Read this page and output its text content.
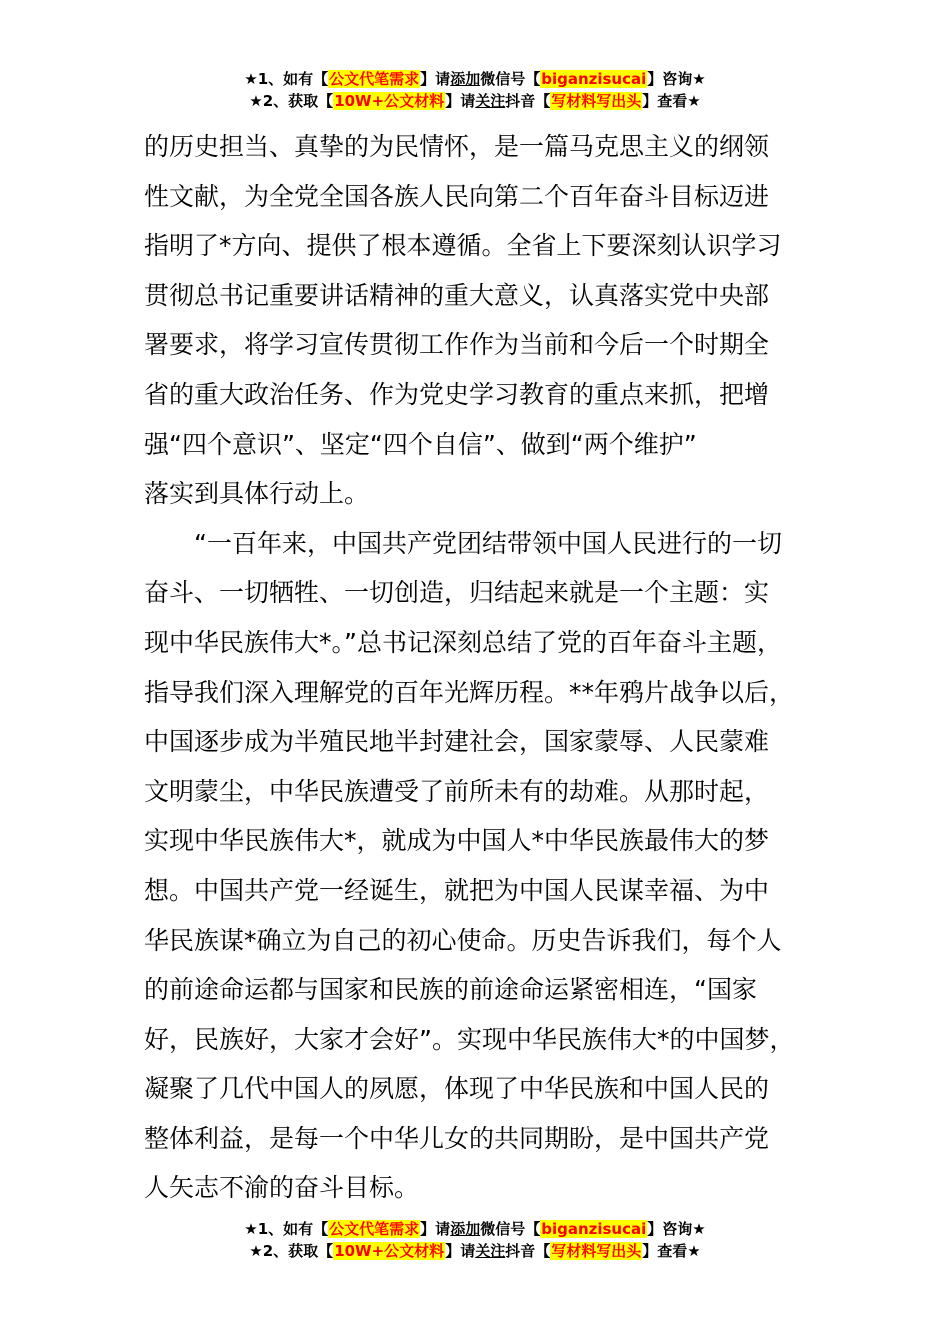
★1、如有【公文代笔需求】请添加微信号【biganzisucai】咨询★
★2、获取【10W+公文材料】请关注抖音【写材料写出头】查看★

的历史担当、真挚的为民情怀，是一篇马克思主义的纲领

性文献，为全党全国各族人民向第二个百年奋斗目标迈进

指明了*方向、提供了根本遵循。全省上下要深刻认识学习

贯彻总书记重要讲话精神的重大意义，认真落实党中央部

署要求，将学习宣传贯彻工作作为当前和今后一个时期全

省的重大政治任务、作为党史学习教育的重点来抓，把增

强“四个意识”、坚定“四个自信”、做到“两个维护”

落实到具体行动上。

“一百年来，中国共产党团结带领中国人民进行的一切

奋斗、一切牺牲、一切创造，归结起来就是一个主题：实

现中华民族伟大*。”总书记深刻总结了党的百年奋斗主题，

指导我们深入理解党的百年光辉历程。**年鸦片战争以后，

中国逐步成为半殖民地半封建社会，国家蒙辱、人民蒙难

文明蒙尘，中华民族遭受了前所未有的劫难。从那时起，

实现中华民族伟大*，就成为中国人*中华民族最伟大的梦

想。中国共产党一经诞生，就把为中国人民谋幸福、为中

华民族谋*确立为自己的初心使命。历史告诉我们，每个人

的前途命运都与国家和民族的前途命运紧密相连，“国家

好，民族好，大家才会好”。实现中华民族伟大*的中国梦，

凝聚了几代中国人的夙愿，体现了中华民族和中国人民的

整体利益，是每一个中华儿女的共同期盼，是中国共产党

人矢志不渝的奋斗目标。

★1、如有【公文代笔需求】请添加微信号【biganzisucai】咨询★
★2、获取【10W+公文材料】请关注抖音【写材料写出头】查看★
